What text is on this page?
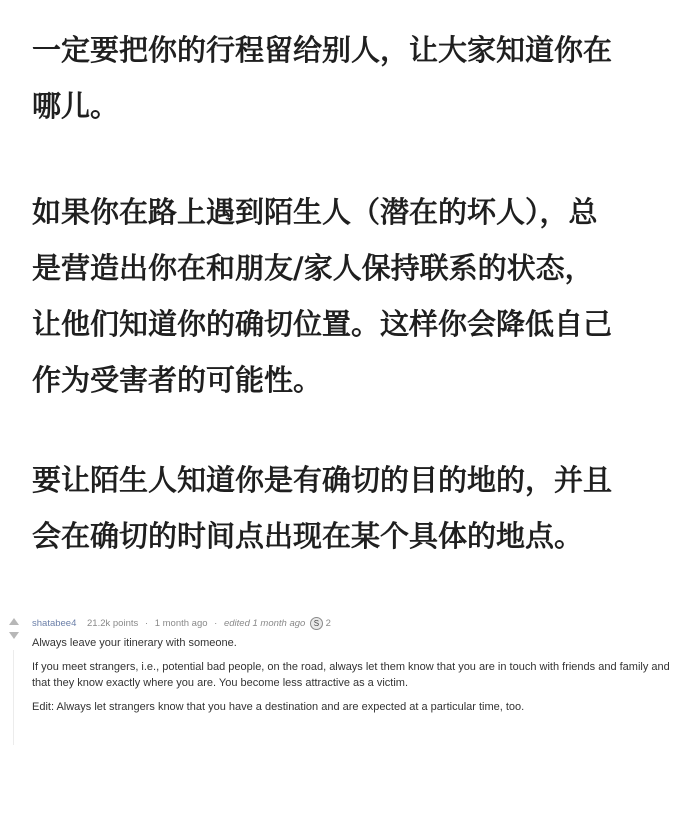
一定要把你的行程留给别人，让大家知道你在

哪儿。

如果你在路上遇到陌生人（潜在的坏人），总

是营造出你在和朋友/家人保持联系的状态，

让他们知道你的确切位置。这样你会降低自己

作为受害者的可能性。

要让陌生人知道你是有确切的目的地的，并且

会在确切的时间点出现在某个具体的地点。

shatabee4 21.2k points · 1 month ago · edited 1 month ago S 2

Always leave your itinerary with someone.

If you meet strangers, i.e., potential bad people, on the road, always let them know that you are in touch with friends and family and that they know exactly where you are. You become less attractive as a victim.

Edit: Always let strangers know that you have a destination and are expected at a particular time, too.
